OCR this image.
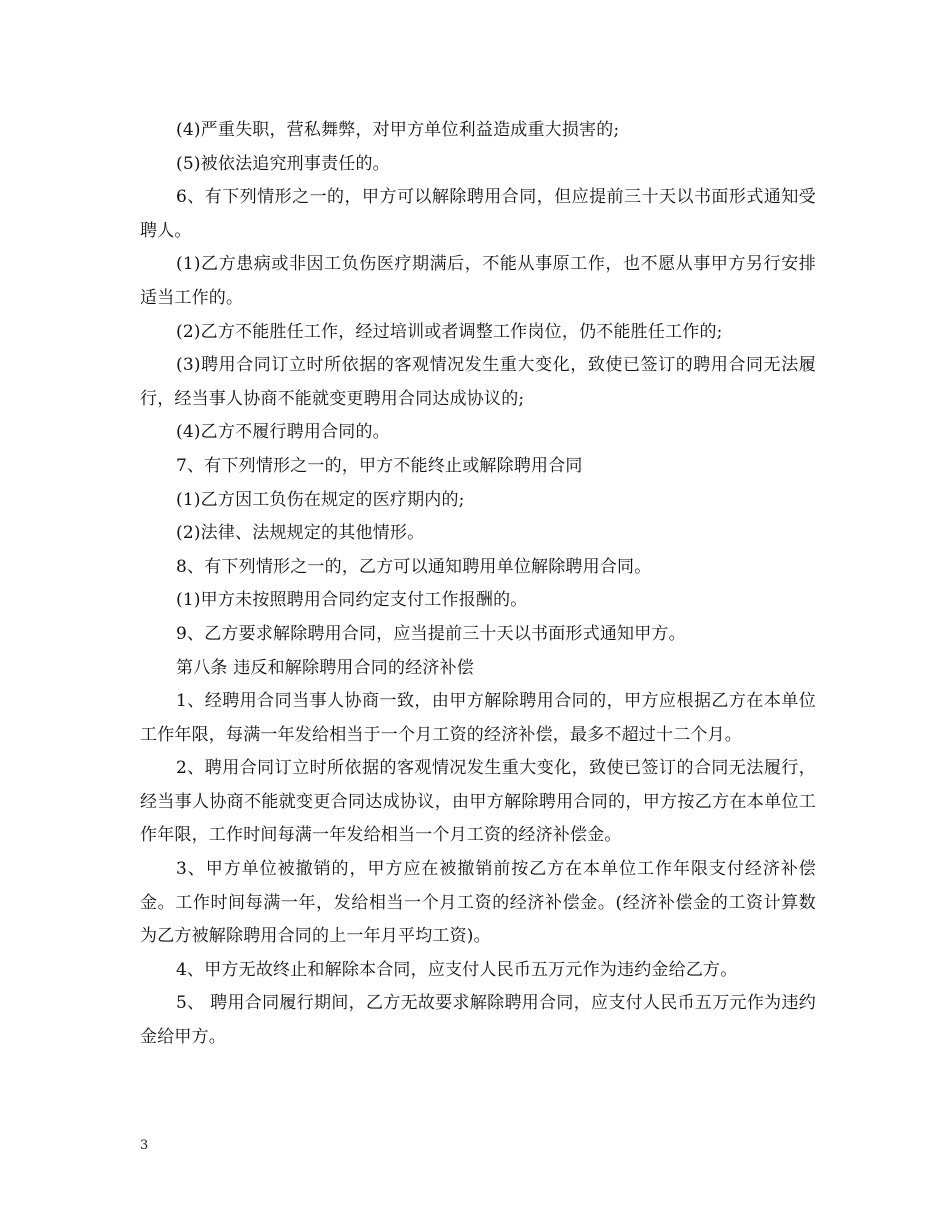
(4)严重失职，营私舞弊，对甲方单位利益造成重大损害的;

(5)被依法追究刑事责任的。

6、有下列情形之一的，甲方可以解除聘用合同，但应提前三十天以书面形式通知受聘人。

(1)乙方患病或非因工负伤医疗期满后，不能从事原工作，也不愿从事甲方另行安排适当工作的。

(2)乙方不能胜任工作，经过培训或者调整工作岗位，仍不能胜任工作的;

(3)聘用合同订立时所依据的客观情况发生重大变化，致使已签订的聘用合同无法履行，经当事人协商不能就变更聘用合同达成协议的;

(4)乙方不履行聘用合同的。

7、有下列情形之一的，甲方不能终止或解除聘用合同

(1)乙方因工负伤在规定的医疗期内的;

(2)法律、法规规定的其他情形。

8、有下列情形之一的，乙方可以通知聘用单位解除聘用合同。

(1)甲方未按照聘用合同约定支付工作报酬的。

9、乙方要求解除聘用合同，应当提前三十天以书面形式通知甲方。

第八条 违反和解除聘用合同的经济补偿

1、经聘用合同当事人协商一致，由甲方解除聘用合同的，甲方应根据乙方在本单位工作年限，每满一年发给相当于一个月工资的经济补偿，最多不超过十二个月。

2、聘用合同订立时所依据的客观情况发生重大变化，致使已签订的合同无法履行，经当事人协商不能就变更合同达成协议，由甲方解除聘用合同的，甲方按乙方在本单位工作年限，工作时间每满一年发给相当一个月工资的经济补偿金。

3、甲方单位被撤销的，甲方应在被撤销前按乙方在本单位工作年限支付经济补偿金。工作时间每满一年，发给相当一个月工资的经济补偿金。(经济补偿金的工资计算数为乙方被解除聘用合同的上一年月平均工资)。

4、甲方无故终止和解除本合同，应支付人民币五万元作为违约金给乙方。

5、 聘用合同履行期间，乙方无故要求解除聘用合同，应支付人民币五万元作为违约金给甲方。

3
